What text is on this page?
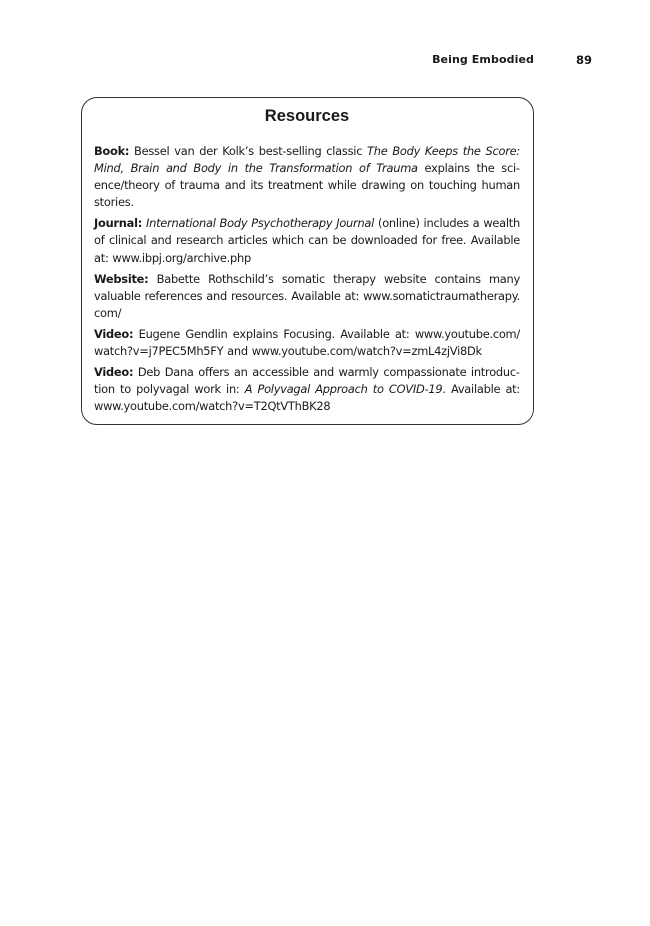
Being Embodied	89
Resources

Book: Bessel van der Kolk’s best-selling classic The Body Keeps the Score: Mind, Brain and Body in the Transformation of Trauma explains the science/theory of trauma and its treatment while drawing on touching human stories.

Journal: International Body Psychotherapy Journal (online) includes a wealth of clinical and research articles which can be downloaded for free. Available at: www.ibpj.org/archive.php

Website: Babette Rothschild’s somatic therapy website contains many valuable references and resources. Available at: www.somatictraumatherapy.​com/

Video: Eugene Gendlin explains Focusing. Available at: www.youtube.com/​watch?v=j7PEC5Mh5FY and www.youtube.com/watch?v=zmL4zjVi8Dk

Video: Deb Dana offers an accessible and warmly compassionate introduction to polyvagal work in: A Polyvagal Approach to COVID-19. Available at: www.youtube.com/watch?v=T2QtVThBK28
